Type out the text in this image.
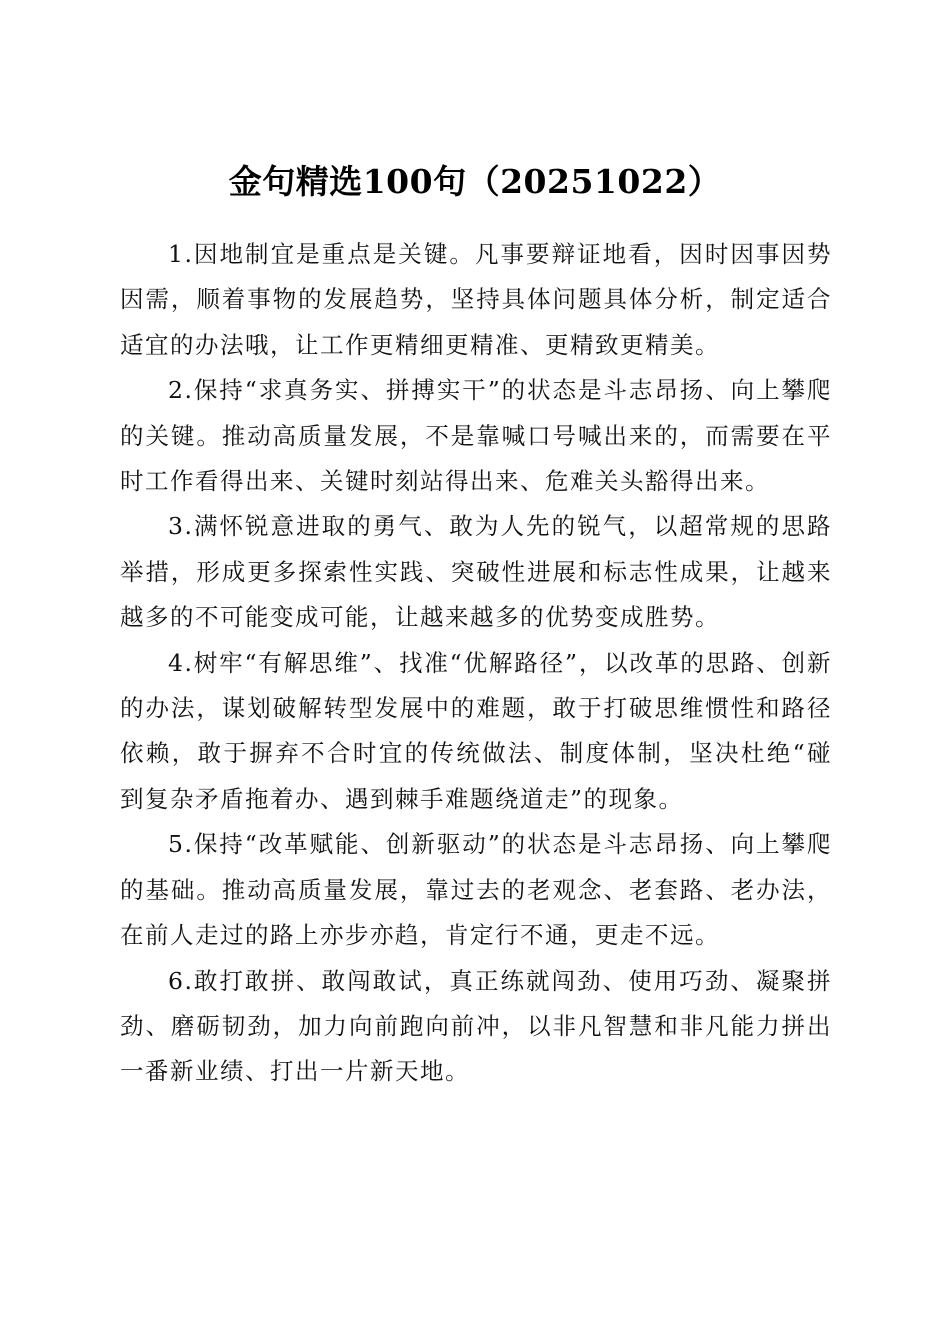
金句精选100句（20251022）

1.因地制宜是重点是关键。凡事要辩证地看，因时因事因势因需，顺着事物的发展趋势，坚持具体问题具体分析，制定适合适宜的办法哦，让工作更精细更精准、更精致更精美。

2.保持“求真务实、拼搏实干”的状态是斗志昂扬、向上攀爬的关键。推动高质量发展，不是靠喊口号喊出来的，而需要在平时工作看得出来、关键时刻站得出来、危难关头豁得出来。

3.满怀锐意进取的勇气、敢为人先的锐气，以超常规的思路举措，形成更多探索性实践、突破性进展和标志性成果，让越来越多的不可能变成可能，让越来越多的优势变成胜势。

4.树牢“有解思维”、找准“优解路径”，以改革的思路、创新的办法，谋划破解转型发展中的难题，敢于打破思维惯性和路径依赖，敢于摒弃不合时宜的传统做法、制度体制，坚决杜绝“碰到复杂矛盾拖着办、遇到棘手难题绕道走”的现象。

5.保持“改革赋能、创新驱动”的状态是斗志昂扬、向上攀爬的基础。推动高质量发展，靠过去的老观念、老套路、老办法，在前人走过的路上亦步亦趋，肯定行不通，更走不远。

6.敢打敢拼、敢闯敢试，真正练就闯劲、使用巧劲、凝聚拼劲、磨砺韧劲，加力向前跑向前冲，以非凡智慧和非凡能力拼出一番新业绩、打出一片新天地。
